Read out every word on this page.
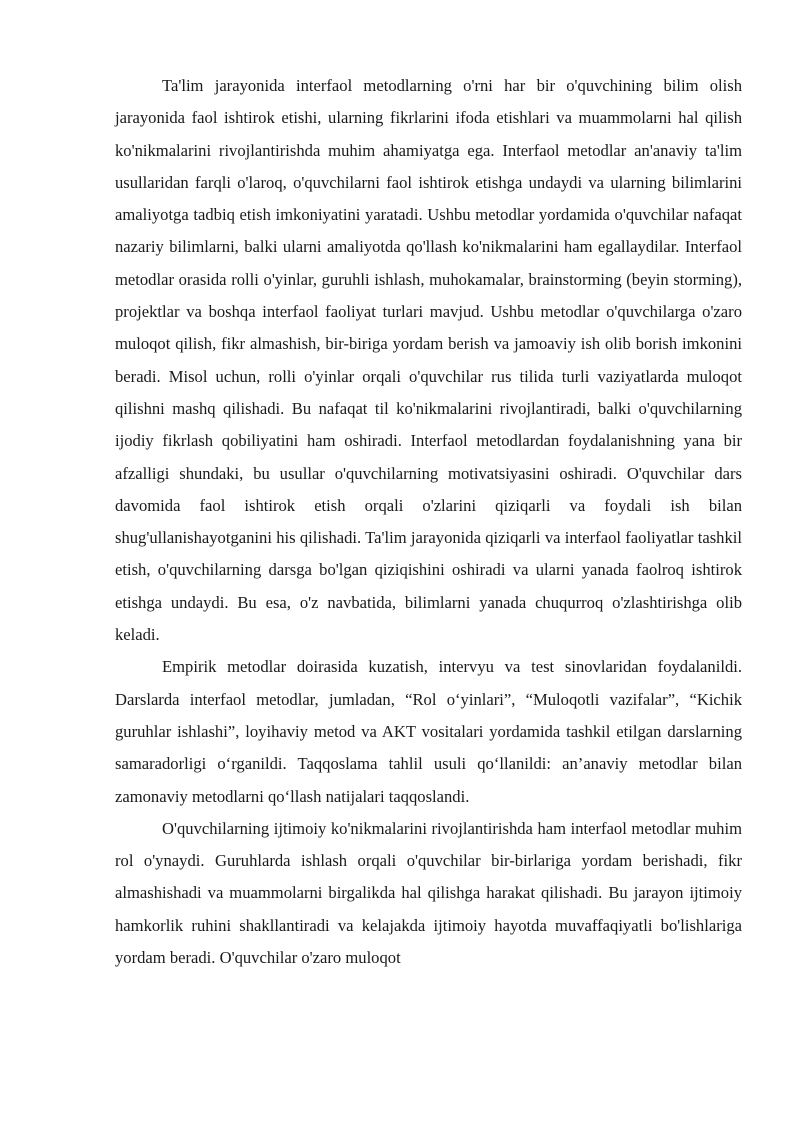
Ta'lim jarayonida interfaol metodlarning o'rni har bir o'quvchining bilim olish jarayonida faol ishtirok etishi, ularning fikrlarini ifoda etishlari va muammolarni hal qilish ko'nikmalarini rivojlantirishda muhim ahamiyatga ega. Interfaol metodlar an'anaviy ta'lim usullaridan farqli o'laroq, o'quvchilarni faol ishtirok etishga undaydi va ularning bilimlarini amaliyotga tadbiq etish imkoniyatini yaratadi. Ushbu metodlar yordamida o'quvchilar nafaqat nazariy bilimlarni, balki ularni amaliyotda qo'llash ko'nikmalarini ham egallaydilar. Interfaol metodlar orasida rolli o'yinlar, guruhli ishlash, muhokamalar, brainstorming (beyin storming), projektlar va boshqa interfaol faoliyat turlari mavjud. Ushbu metodlar o'quvchilarga o'zaro muloqot qilish, fikr almashish, bir-biriga yordam berish va jamoaviy ish olib borish imkonini beradi. Misol uchun, rolli o'yinlar orqali o'quvchilar rus tilida turli vaziyatlarda muloqot qilishni mashq qilishadi. Bu nafaqat til ko'nikmalarini rivojlantiradi, balki o'quvchilarning ijodiy fikrlash qobiliyatini ham oshiradi. Interfaol metodlardan foydalanishning yana bir afzalligi shundaki, bu usullar o'quvchilarning motivatsiyasini oshiradi. O'quvchilar dars davomida faol ishtirok etish orqali o'zlarini qiziqarli va foydali ish bilan shug'ullanishayotganini his qilishadi. Ta'lim jarayonida qiziqarli va interfaol faoliyatlar tashkil etish, o'quvchilarning darsga bo'lgan qiziqishini oshiradi va ularni yanada faolroq ishtirok etishga undaydi. Bu esa, o'z navbatida, bilimlarni yanada chuqurroq o'zlashtirishga olib keladi.

Empirik metodlar doirasida kuzatish, intervyu va test sinovlaridan foydalanildi. Darslarda interfaol metodlar, jumladan, “Rol o‘yinlari”, “Muloqotli vazifalar”, “Kichik guruhlar ishlashi”, loyihaviy metod va AKT vositalari yordamida tashkil etilgan darslarning samaradorligi o‘rganildi. Taqqoslama tahlil usuli qo‘llanildi: an’anaviy metodlar bilan zamonaviy metodlarni qo‘llash natijalari taqqoslandi.

O'quvchilarning ijtimoiy ko'nikmalarini rivojlantirishda ham interfaol metodlar muhim rol o'ynaydi. Guruhlarda ishlash orqali o'quvchilar bir-birlariga yordam berishadi, fikr almashishadi va muammolarni birgalikda hal qilishga harakat qilishadi. Bu jarayon ijtimoiy hamkorlik ruhini shakllantiradi va kelajakda ijtimoiy hayotda muvaffaqiyatli bo'lishlariga yordam beradi. O'quvchilar o'zaro muloqot
